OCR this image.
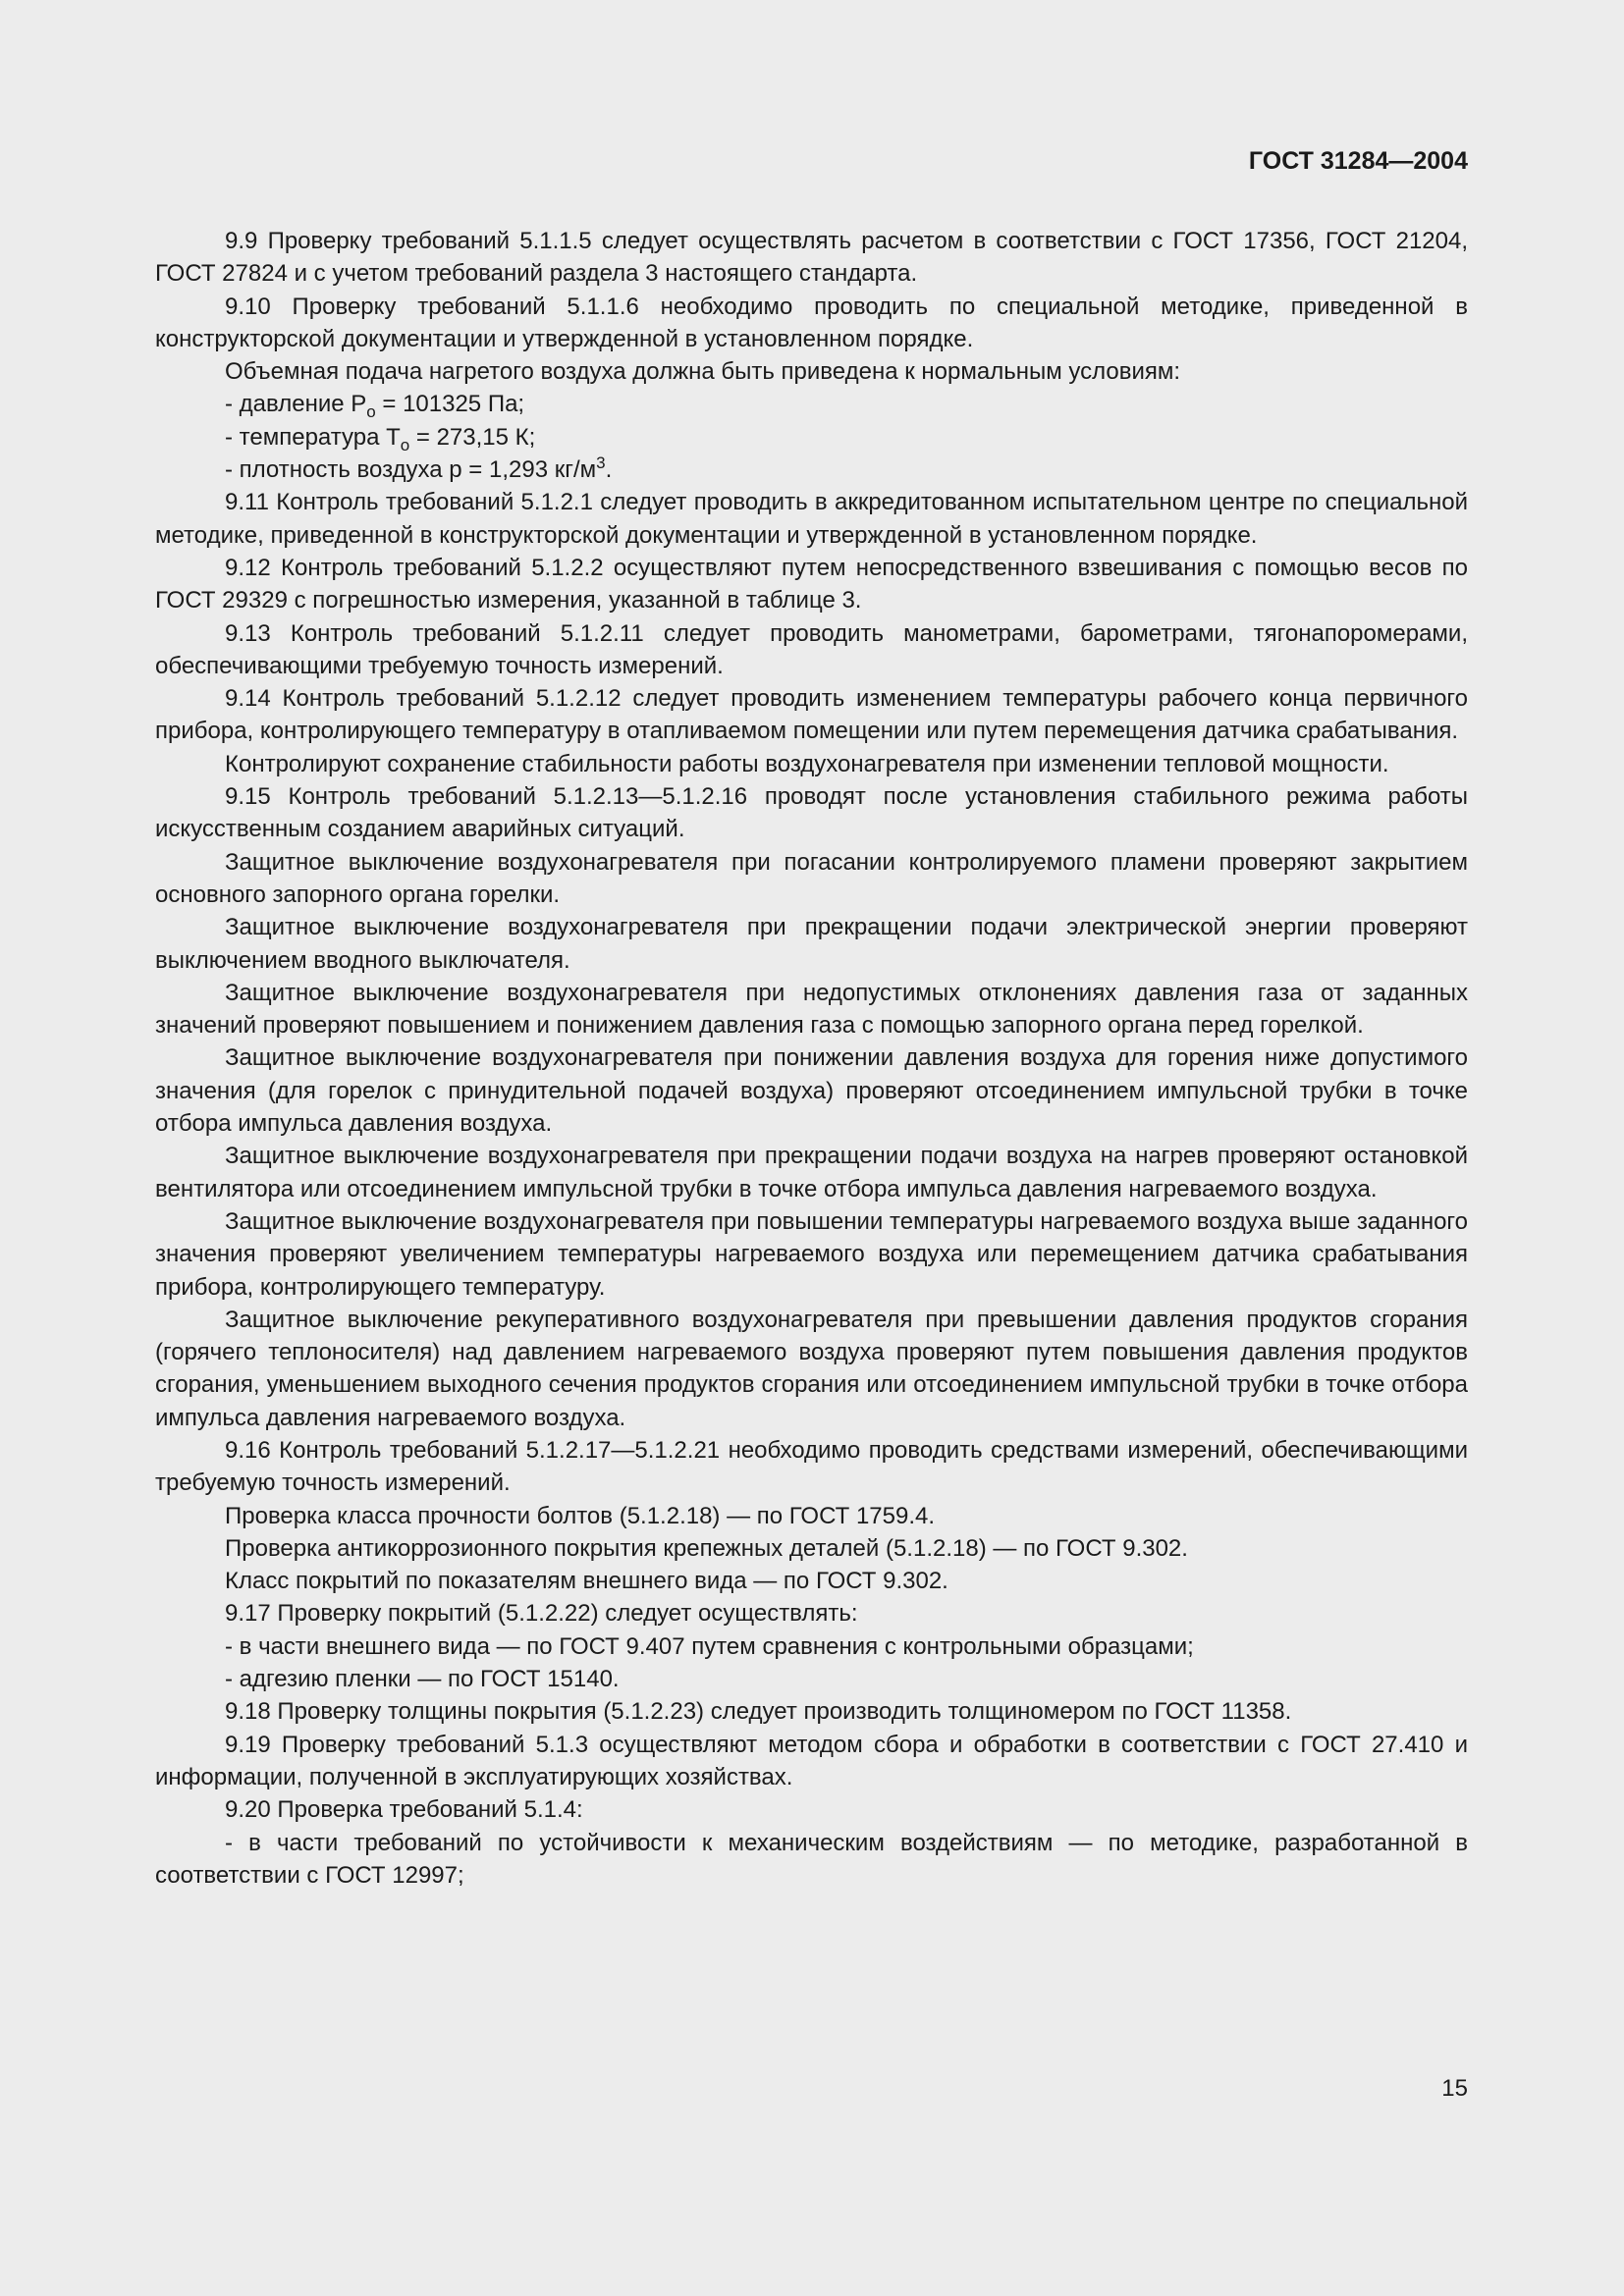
ГОСТ 31284—2004

9.9 Проверку требований 5.1.1.5 следует осуществлять расчетом в соответствии с ГОСТ 17356, ГОСТ 21204, ГОСТ 27824 и с учетом требований раздела 3 настоящего стандарта.

9.10 Проверку требований 5.1.1.6 необходимо проводить по специальной методике, приведенной в конструкторской документации и утвержденной в установленном порядке.

Объемная подача нагретого воздуха должна быть приведена к нормальным условиям:

- давление $P_o = 101325$ Па;

- температура $T_o = 273,15$ К;

- плотность воздуха p = 1,293 $кг/м^3$.

9.11 Контроль требований 5.1.2.1 следует проводить в аккредитованном испытательном центре по специальной методике, приведенной в конструкторской документации и утвержденной в установленном порядке.

9.12 Контроль требований 5.1.2.2 осуществляют путем непосредственного взвешивания с помощью весов по ГОСТ 29329 с погрешностью измерения, указанной в таблице 3.

9.13 Контроль требований 5.1.2.11 следует проводить манометрами, барометрами, тягонапоромерами, обеспечивающими требуемую точность измерений.

9.14 Контроль требований 5.1.2.12 следует проводить изменением температуры рабочего конца первичного прибора, контролирующего температуру в отапливаемом помещении или путем перемещения датчика срабатывания.

Контролируют сохранение стабильности работы воздухонагревателя при изменении тепловой мощности.

9.15 Контроль требований 5.1.2.13—5.1.2.16 проводят после установления стабильного режима работы искусственным созданием аварийных ситуаций.

Защитное выключение воздухонагревателя при погасании контролируемого пламени проверяют закрытием основного запорного органа горелки.

Защитное выключение воздухонагревателя при прекращении подачи электрической энергии проверяют выключением вводного выключателя.

Защитное выключение воздухонагревателя при недопустимых отклонениях давления газа от заданных значений проверяют повышением и понижением давления газа с помощью запорного органа перед горелкой.

Защитное выключение воздухонагревателя при понижении давления воздуха для горения ниже допустимого значения (для горелок с принудительной подачей воздуха) проверяют отсоединением импульсной трубки в точке отбора импульса давления воздуха.

Защитное выключение воздухонагревателя при прекращении подачи воздуха на нагрев проверяют остановкой вентилятора или отсоединением импульсной трубки в точке отбора импульса давления нагреваемого воздуха.

Защитное выключение воздухонагревателя при повышении температуры нагреваемого воздуха выше заданного значения проверяют увеличением температуры нагреваемого воздуха или перемещением датчика срабатывания прибора, контролирующего температуру.

Защитное выключение рекуперативного воздухонагревателя при превышении давления продуктов сгорания (горячего теплоносителя) над давлением нагреваемого воздуха проверяют путем повышения давления продуктов сгорания, уменьшением выходного сечения продуктов сгорания или отсоединением импульсной трубки в точке отбора импульса давления нагреваемого воздуха.

9.16 Контроль требований 5.1.2.17—5.1.2.21 необходимо проводить средствами измерений, обеспечивающими требуемую точность измерений.

Проверка класса прочности болтов (5.1.2.18) — по ГОСТ 1759.4.

Проверка антикоррозионного покрытия крепежных деталей (5.1.2.18) — по ГОСТ 9.302.

Класс покрытий по показателям внешнего вида — по ГОСТ 9.302.

9.17 Проверку покрытий (5.1.2.22) следует осуществлять:

- в части внешнего вида — по ГОСТ 9.407 путем сравнения с контрольными образцами;

- адгезию пленки — по ГОСТ 15140.

9.18 Проверку толщины покрытия (5.1.2.23) следует производить толщиномером по ГОСТ 11358.

9.19 Проверку требований 5.1.3 осуществляют методом сбора и обработки в соответствии с ГОСТ 27.410 и информации, полученной в эксплуатирующих хозяйствах.

9.20 Проверка требований 5.1.4:

- в части требований по устойчивости к механическим воздействиям — по методике, разработанной в соответствии с ГОСТ 12997;

15
